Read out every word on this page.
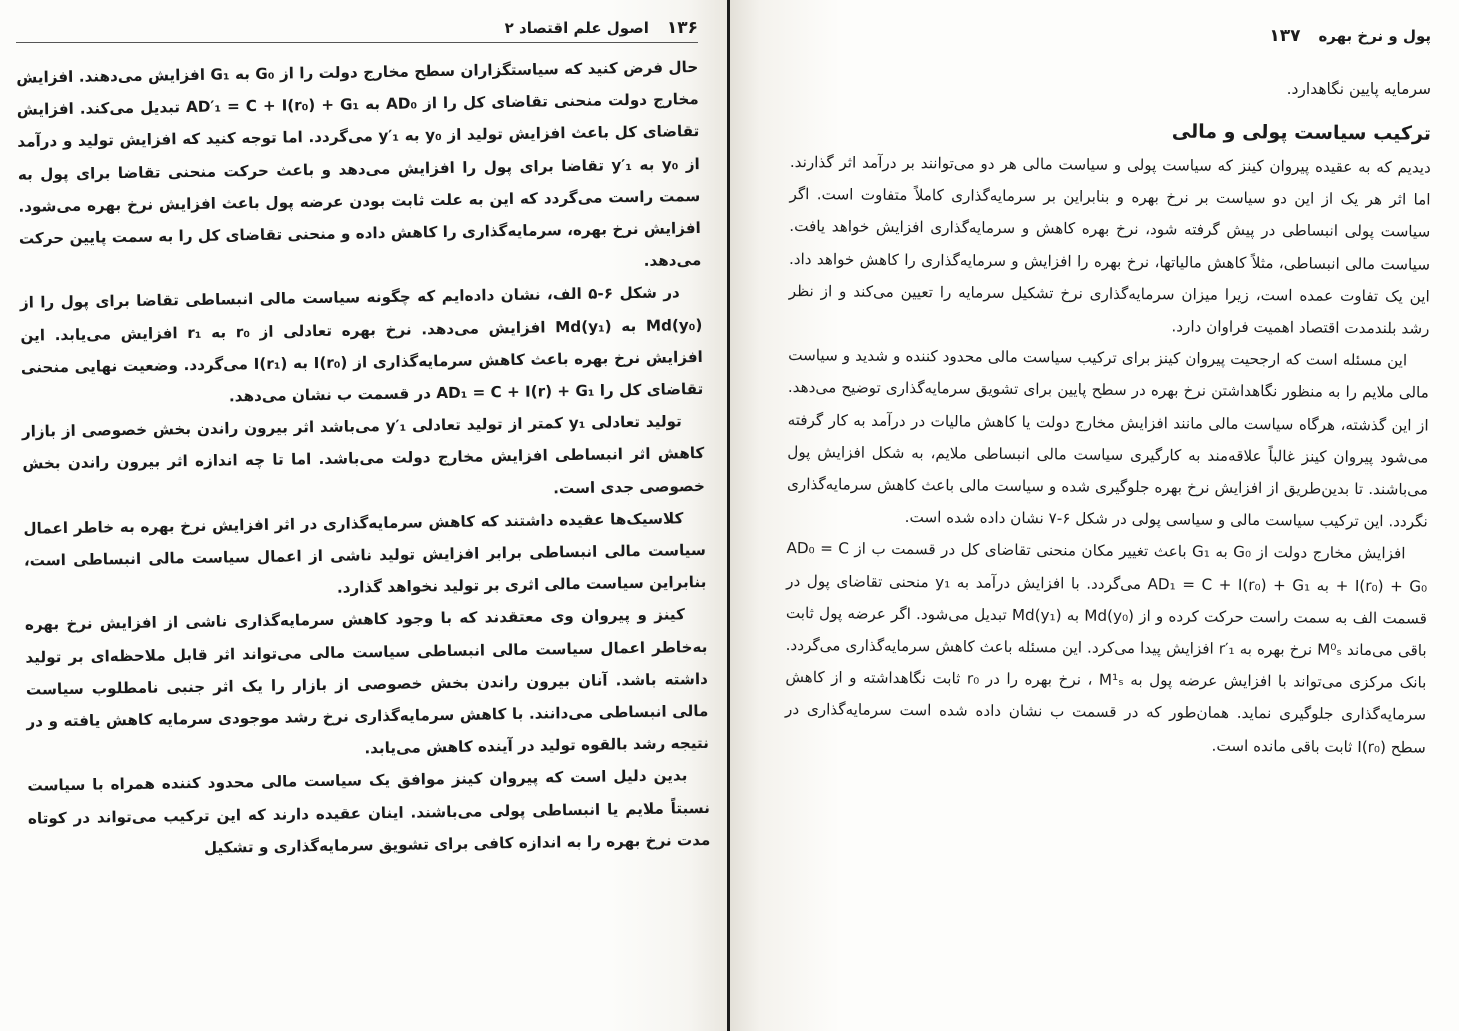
۱۳۶
اصول علم اقتصاد ۲

حال فرض کنید که سیاستگزاران سطح مخارج دولت را از G₀ به G₁ افزایش می‌دهند. افزایش مخارج دولت منحنی تقاضای کل را از AD₀ به AD′₁ = C + I(r₀) + G₁ تبدیل می‌کند. افزایش تقاضای کل باعث افزایش تولید از y₀ به y′₁ می‌گردد. اما توجه کنید که افزایش تولید و درآمد از y₀ به y′₁ تقاضا برای پول را افزایش می‌دهد و باعث حرکت منحنی تقاضا برای پول به سمت راست می‌گردد که این به علت ثابت بودن عرضه پول باعث افزایش نرخ بهره می‌شود. افزایش نرخ بهره، سرمایه‌گذاری را کاهش داده و منحنی تقاضای کل را به سمت پایین حرکت می‌دهد.

در شکل ۶-۵ الف، نشان داده‌ایم که چگونه سیاست مالی انبساطی تقاضا برای پول را از Md(y₀) به Md(y₁) افزایش می‌دهد. نرخ بهره تعادلی از r₀ به r₁ افزایش می‌یابد. این افزایش نرخ بهره باعث کاهش سرمایه‌گذاری از I(r₀) به I(r₁) می‌گردد. وضعیت نهایی منحنی تقاضای کل را AD₁ = C + I(r) + G₁ در قسمت ب نشان می‌دهد.

تولید تعادلی y₁ کمتر از تولید تعادلی y′₁ می‌باشد اثر بیرون راندن بخش خصوصی از بازار کاهش اثر انبساطی افزایش مخارج دولت می‌باشد. اما تا چه اندازه اثر بیرون راندن بخش خصوصی جدی است.

کلاسیک‌ها عقیده داشتند که کاهش سرمایه‌گذاری در اثر افزایش نرخ بهره به خاطر اعمال سیاست مالی انبساطی برابر افزایش تولید ناشی از اعمال سیاست مالی انبساطی است، بنابراین سیاست مالی اثری بر تولید نخواهد گذارد.

کینز و پیروان وی معتقدند که با وجود کاهش سرمایه‌گذاری ناشی از افزایش نرخ بهره به‌خاطر اعمال سیاست مالی انبساطی سیاست مالی می‌تواند اثر قابل ملاحظه‌ای بر تولید داشته باشد. آنان بیرون راندن بخش خصوصی از بازار را یک اثر جنبی نامطلوب سیاست مالی انبساطی می‌دانند. با کاهش سرمایه‌گذاری نرخ رشد موجودی سرمایه کاهش یافته و در نتیجه رشد بالقوه تولید در آینده کاهش می‌یابد.

بدین دلیل است که پیروان کینز موافق یک سیاست مالی محدود کننده همراه با سیاست نسبتاً ملایم یا انبساطی پولی می‌باشند. اینان عقیده دارند که این ترکیب می‌تواند در کوتاه مدت نرخ بهره را به اندازه کافی برای تشویق سرمایه‌گذاری و تشکیل

پول و نرخ بهره
۱۳۷
سرمایه پایین نگاهدارد.
ترکیب سیاست پولی و مالی

دیدیم که به عقیده پیروان کینز که سیاست پولی و سیاست مالی هر دو می‌توانند بر درآمد اثر گذارند. اما اثر هر یک از این دو سیاست بر نرخ بهره و بنابراین بر سرمایه‌گذاری کاملاً متفاوت است. اگر سیاست پولی انبساطی در پیش گرفته شود، نرخ بهره کاهش و سرمایه‌گذاری افزایش خواهد یافت. سیاست مالی انبساطی، مثلاً کاهش مالیاتها، نرخ بهره را افزایش و سرمایه‌گذاری را کاهش خواهد داد. این یک تفاوت عمده است، زیرا میزان سرمایه‌گذاری نرخ تشکیل سرمایه را تعیین می‌کند و از نظر رشد بلندمدت اقتصاد اهمیت فراوان دارد.

این مسئله است که ارجحیت پیروان کینز برای ترکیب سیاست مالی محدود کننده و شدید و سیاست مالی ملایم را به منظور نگاهداشتن نرخ بهره در سطح پایین برای تشویق سرمایه‌گذاری توضیح می‌دهد. از این گذشته، هرگاه سیاست مالی مانند افزایش مخارج دولت یا کاهش مالیات در درآمد به کار گرفته می‌شود پیروان کینز غالباً علاقه‌مند به کارگیری سیاست مالی انبساطی ملایم، به شکل افزایش پول می‌باشند. تا بدین‌طریق از افزایش نرخ بهره جلوگیری شده و سیاست مالی باعث کاهش سرمایه‌گذاری نگردد. این ترکیب سیاست مالی و سیاسی پولی در شکل ۶-۷ نشان داده شده است.

افزایش مخارج دولت از G₀ به G₁ باعث تغییر مکان منحنی تقاضای کل در قسمت ب از AD₀ = C + I(r₀) + G₀ به AD₁ = C + I(r₀) + G₁ می‌گردد. با افزایش درآمد به y₁ منحنی تقاضای پول در قسمت الف به سمت راست حرکت کرده و از Md(y₀) به Md(y₁) تبدیل می‌شود. اگر عرضه پول ثابت باقی می‌ماند M⁰ₛ نرخ بهره به r′₁ افزایش پیدا می‌کرد. این مسئله باعث کاهش سرمایه‌گذاری می‌گردد. بانک مرکزی می‌تواند با افزایش عرضه پول به M¹ₛ ، نرخ بهره را در r₀ ثابت نگاهداشته و از کاهش سرمایه‌گذاری جلوگیری نماید. همان‌طور که در قسمت ب نشان داده شده است سرمایه‌گذاری در سطح I(r₀) ثابت باقی مانده است.
